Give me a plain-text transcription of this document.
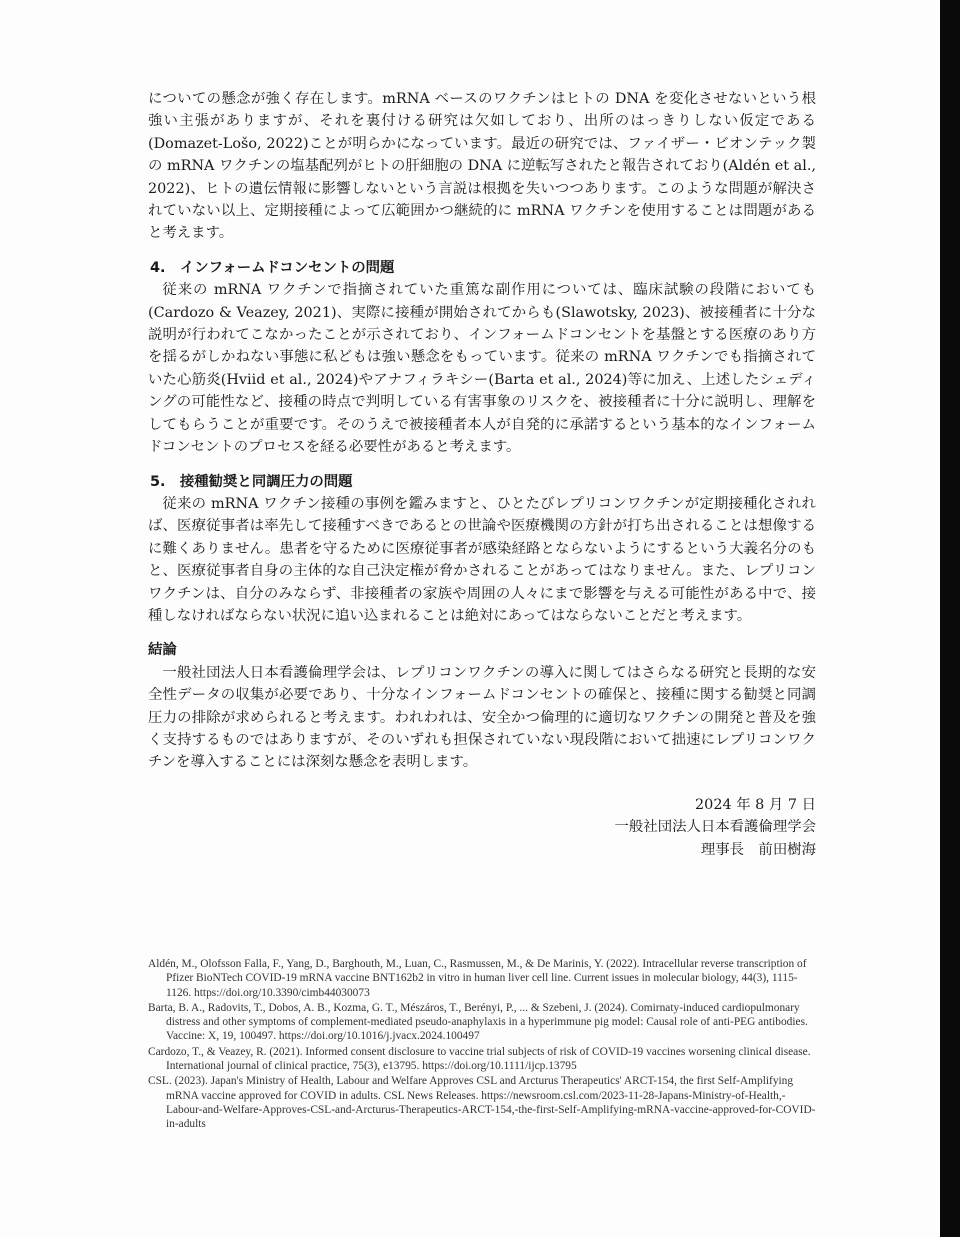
についての懸念が強く存在します。mRNA ベースのワクチンはヒトの DNA を変化させないという根強い主張がありますが、それを裏付ける研究は欠如しており、出所のはっきりしない仮定である(Domazet-Lošo, 2022)ことが明らかになっています。最近の研究では、ファイザー・ビオンテック製の mRNA ワクチンの塩基配列がヒトの肝細胞の DNA に逆転写されたと報告されており(Aldén et al., 2022)、ヒトの遺伝情報に影響しないという言説は根拠を失いつつあります。このような問題が解決されていない以上、定期接種によって広範囲かつ継続的に mRNA ワクチンを使用することは問題があると考えます。

4.　インフォームドコンセントの問題

従来の mRNA ワクチンで指摘されていた重篤な副作用については、臨床試験の段階においても(Cardozo & Veazey, 2021)、実際に接種が開始されてからも(Slawotsky, 2023)、被接種者に十分な説明が行われてこなかったことが示されており、インフォームドコンセントを基盤とする医療のあり方を揺るがしかねない事態に私どもは強い懸念をもっています。従来の mRNA ワクチンでも指摘されていた心筋炎(Hviid et al., 2024)やアナフィラキシー(Barta et al., 2024)等に加え、上述したシェディングの可能性など、接種の時点で判明している有害事象のリスクを、被接種者に十分に説明し、理解をしてもらうことが重要です。そのうえで被接種者本人が自発的に承諾するという基本的なインフォームドコンセントのプロセスを経る必要性があると考えます。

5.　接種勧奨と同調圧力の問題

従来の mRNA ワクチン接種の事例を鑑みますと、ひとたびレプリコンワクチンが定期接種化されれば、医療従事者は率先して接種すべきであるとの世論や医療機関の方針が打ち出されることは想像するに難くありません。患者を守るために医療従事者が感染経路とならないようにするという大義名分のもと、医療従事者自身の主体的な自己決定権が脅かされることがあってはなりません。また、レプリコンワクチンは、自分のみならず、非接種者の家族や周囲の人々にまで影響を与える可能性がある中で、接種しなければならない状況に追い込まれることは絶対にあってはならないことだと考えます。

結論

一般社団法人日本看護倫理学会は、レプリコンワクチンの導入に関してはさらなる研究と長期的な安全性データの収集が必要であり、十分なインフォームドコンセントの確保と、接種に関する勧奨と同調圧力の排除が求められると考えます。われわれは、安全かつ倫理的に適切なワクチンの開発と普及を強く支持するものではありますが、そのいずれも担保されていない現段階において拙速にレプリコンワクチンを導入することには深刻な懸念を表明します。

2024 年 8 月 7 日

一般社団法人日本看護倫理学会

理事長　前田樹海

Aldén, M., Olofsson Falla, F., Yang, D., Barghouth, M., Luan, C., Rasmussen, M., & De Marinis, Y. (2022). Intracellular reverse transcription of Pfizer BioNTech COVID-19 mRNA vaccine BNT162b2 in vitro in human liver cell line. Current issues in molecular biology, 44(3), 1115-1126. https://doi.org/10.3390/cimb44030073

Barta, B. A., Radovits, T., Dobos, A. B., Kozma, G. T., Mészáros, T., Berényi, P., ... & Szebeni, J. (2024). Comirnaty-induced cardiopulmonary distress and other symptoms of complement-mediated pseudo-anaphylaxis in a hyperimmune pig model: Causal role of anti-PEG antibodies. Vaccine: X, 19, 100497. https://doi.org/10.1016/j.jvacx.2024.100497

Cardozo, T., & Veazey, R. (2021). Informed consent disclosure to vaccine trial subjects of risk of COVID-19 vaccines worsening clinical disease. International journal of clinical practice, 75(3), e13795. https://doi.org/10.1111/ijcp.13795

CSL. (2023). Japan's Ministry of Health, Labour and Welfare Approves CSL and Arcturus Therapeutics' ARCT-154, the first Self-Amplifying mRNA vaccine approved for COVID in adults. CSL News Releases. https://newsroom.csl.com/2023-11-28-Japans-Ministry-of-Health,-Labour-and-Welfare-Approves-CSL-and-Arcturus-Therapeutics-ARCT-154,-the-first-Self-Amplifying-mRNA-vaccine-approved-for-COVID-in-adults
